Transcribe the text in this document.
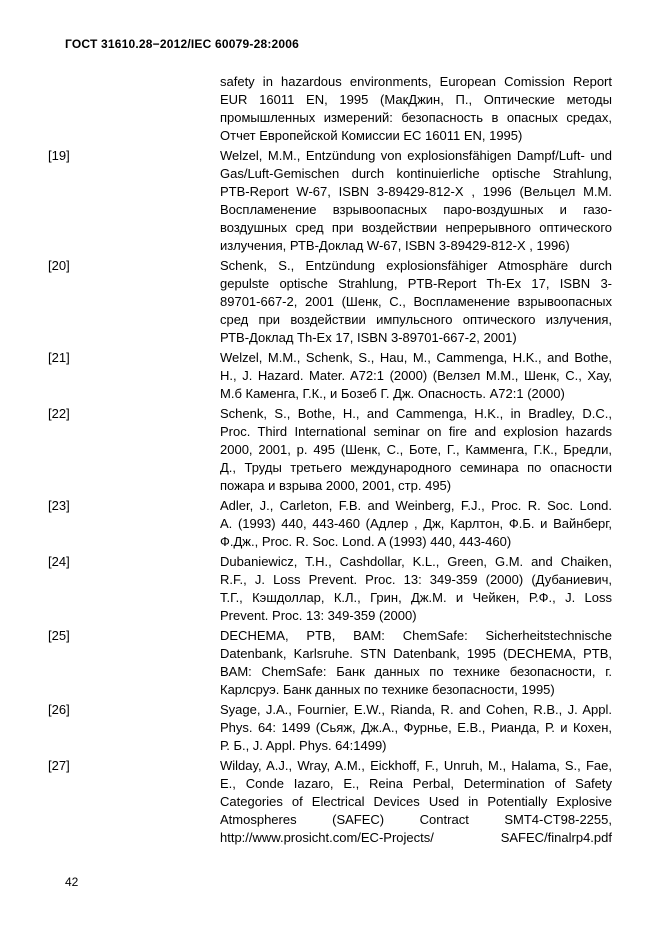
ГОСТ 31610.28−2012/IEC 60079-28:2006
safety in hazardous environments, European Comission Report
EUR 16011 EN, 1995 (МакДжин, П., Оптические методы
промышленных измерений: безопасность в опасных средах,
Отчет Европейской Комиссии ЕС 16011 EN, 1995)
[19]	Welzel, M.M., Entzündung von explosionsfähigen Dampf/Luft- und
Gas/Luft-Gemischen durch kontinuierliche optische Strahlung,
PTB-Report W-67, ISBN 3-89429-812-X , 1996 (Вельцел М.М.
Воспламенение взрывоопасных паро-воздушных и газо-
воздушных сред при воздействии непрерывного оптического
излучения, РТВ-Доклад W-67, ISBN 3-89429-812-X , 1996)
[20]	Schenk, S., Entzündung explosionsfähiger Atmosphäre durch
gepulste optische Strahlung, PTB-Report Th-Ex 17, ISBN 3-
89701-667-2, 2001 (Шенк, С., Воспламенение взрывоопасных
сред при воздействии импульсного оптического излучения,
РТВ-Доклад Th-Ex 17, ISBN 3-89701-667-2, 2001)
[21]	Welzel, M.M., Schenk, S., Hau, M., Cammenga, H.K., and Bothe,
H., J. Hazard. Mater. A72:1 (2000) (Велзел М.М., Шенк, С., Хау,
М.б Каменга, Г.К., и Бозеб Г. Дж. Опасность. А72:1 (2000)
[22]	Schenk, S., Bothe, H., and Cammenga, H.K., in Bradley, D.C.,
Proc. Third International seminar on fire and explosion hazards
2000, 2001, p. 495 (Шенк, С., Боте, Г., Камменга, Г.К., Бредли,
Д., Труды третьего международного семинара по опасности
пожара и взрыва 2000, 2001, стр. 495)
[23]	Adler, J., Carleton, F.B. and Weinberg, F.J., Proc. R. Soc. Lond.
A. (1993) 440, 443-460 (Адлер , Дж, Карлтон, Ф.Б. и Вайнберг,
Ф.Дж., Proc. R. Soc. Lond. A (1993) 440, 443-460)
[24]	Dubaniewicz, T.H., Cashdollar, K.L., Green, G.M. and Chaiken,
R.F., J. Loss Prevent. Proc. 13: 349-359 (2000) (Дубаниевич,
Т.Г., Кэшдоллар, К.Л., Грин, Дж.М. и Чейкен, Р.Ф., J. Loss
Prevent. Proc. 13: 349-359 (2000)
[25]	DECHEMA, PTB, BAM: ChemSafe: Sicherheitstechnische
Datenbank, Karlsruhe. STN Datenbank, 1995 (DECHEMA, PTB,
BAM: ChemSafe: Банк данных по технике безопасности, г.
Карлсруэ. Банк данных по технике безопасности, 1995)
[26]	Syage, J.A., Fournier, E.W., Rianda, R. and Cohen, R.B., J. Appl.
Phys. 64: 1499 (Сьяж, Дж.А., Фурнье, Е.В., Рианда, Р. и Кохен,
Р. Б., J. Appl. Phys. 64:1499)
[27]	Wilday, A.J., Wray, A.M., Eickhoff, F., Unruh, M., Halama, S., Fae,
E., Conde Iazaro, E., Reina Perbal, Determination of Safety
Categories of Electrical Devices Used in Potentially Explosive
Atmospheres (SAFEC) Contract SMT4-CT98-2255,
http://www.prosicht.com/EC-Projects/ SAFEC/finalrp4.pdf
42
